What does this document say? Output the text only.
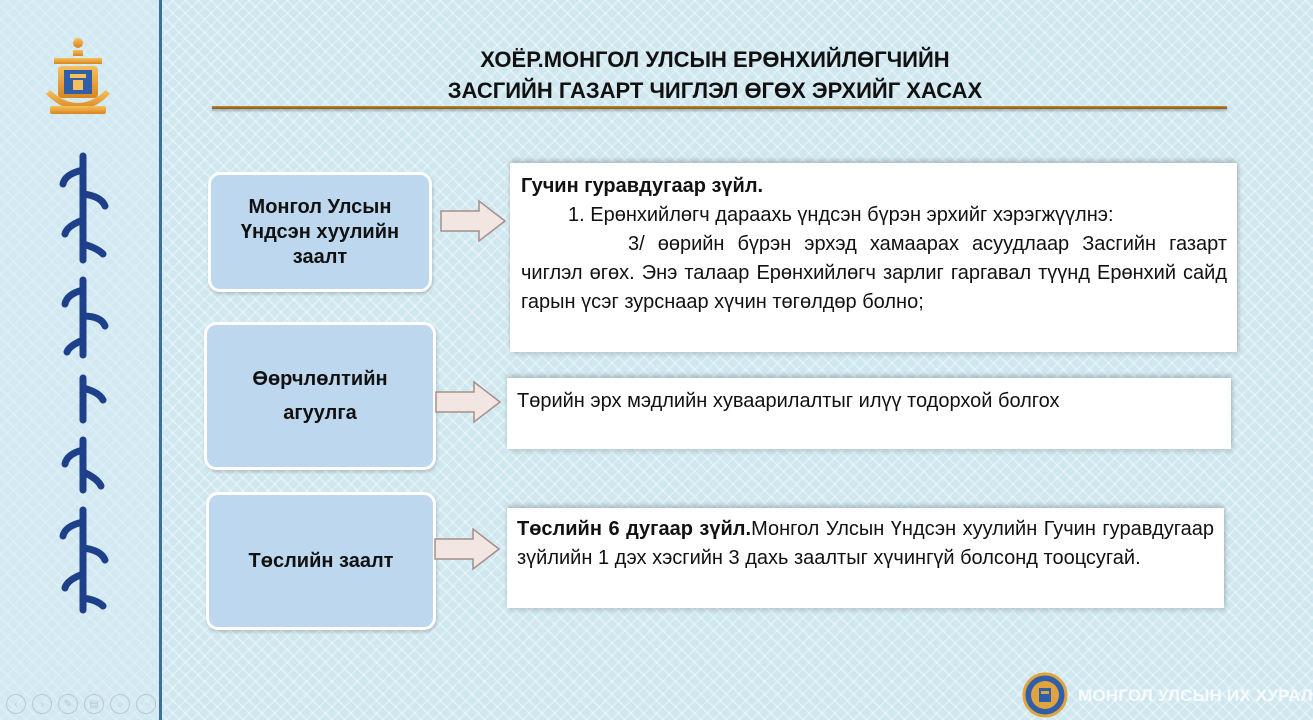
‹	›	✎	▤	⌕	⋯
ХОЁР.МОНГОЛ УЛСЫН ЕРӨНХИЙЛӨГЧИЙН
ЗАСГИЙН ГАЗАРТ ЧИГЛЭЛ ӨГӨХ ЭРХИЙГ ХАСАХ
Монгол Улсын Үндсэн хуулийн заалт
Гучин гуравдугаар зүйл.
1. Ерөнхийлөгч дараахь үндсэн бүрэн эрхийг хэрэгжүүлнэ:
3/ өөрийн бүрэн эрхэд хамаарах асуудлаар Засгийн газарт чиглэл өгөх. Энэ талаар Ерөнхийлөгч зарлиг гаргавал түүнд Ерөнхий сайд гарын үсэг зурснаар хүчин төгөлдөр болно;
Өөрчлөлтийн агуулга
Төрийн эрх мэдлийн хуваарилалтыг илүү тодорхой болгох
Төслийн заалт
Төслийн 6 дугаар зүйл.Монгол Улсын Үндсэн хуулийн Гучин гуравдугаар зүйлийн 1 дэх хэсгийн 3 дахь заалтыг хүчингүй болсонд тооцсугай.
МОНГОЛ УЛСЫН ИХ ХУРАЛ
